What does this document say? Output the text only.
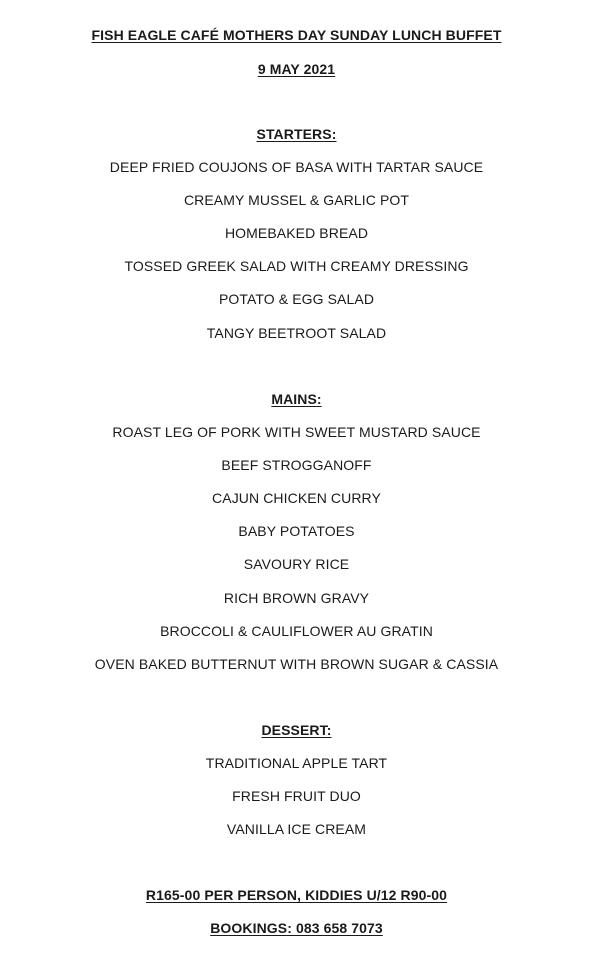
FISH EAGLE CAFÉ MOTHERS DAY SUNDAY LUNCH BUFFET
9 MAY 2021
STARTERS:
DEEP FRIED COUJONS OF BASA WITH TARTAR SAUCE
CREAMY MUSSEL & GARLIC POT
HOMEBAKED BREAD
TOSSED GREEK SALAD WITH CREAMY DRESSING
POTATO & EGG SALAD
TANGY BEETROOT SALAD
MAINS:
ROAST LEG OF PORK WITH SWEET MUSTARD SAUCE
BEEF STROGGANOFF
CAJUN CHICKEN CURRY
BABY POTATOES
SAVOURY RICE
RICH BROWN GRAVY
BROCCOLI & CAULIFLOWER AU GRATIN
OVEN BAKED BUTTERNUT WITH BROWN SUGAR & CASSIA
DESSERT:
TRADITIONAL APPLE TART
FRESH FRUIT DUO
VANILLA ICE CREAM
R165-00 PER PERSON, KIDDIES U/12 R90-00
BOOKINGS: 083 658 7073
